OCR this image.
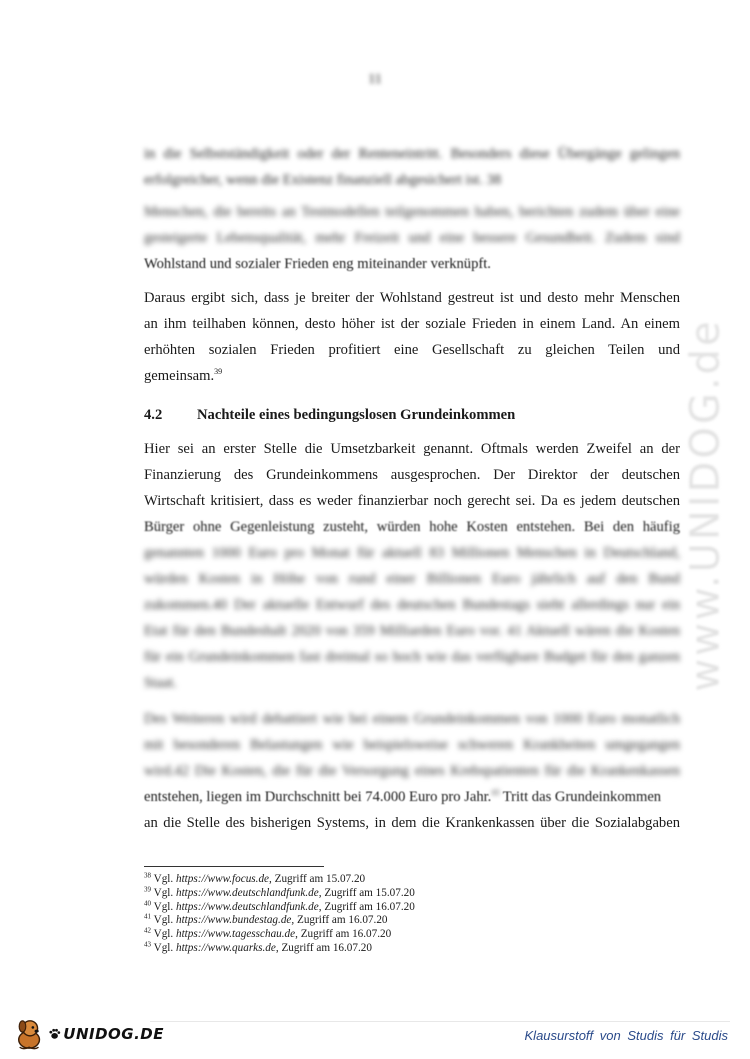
11
in die Selbstständigkeit oder der Renteneintritt. Besonders diese Übergänge gelingen
erfolgreicher, wenn die Existenz finanziell abgesichert ist. 38
Menschen, die bereits an Testmodellen teilgenommen haben, berichten zudem über eine
gesteigerte Lebensqualität, mehr Freizeit und eine bessere Gesundheit. Zudem sind
Wohlstand und sozialer Frieden eng miteinander verknüpft.
Daraus ergibt sich, dass je breiter der Wohlstand gestreut ist und desto mehr Menschen
an ihm teilhaben können, desto höher ist der soziale Frieden in einem Land. An einem
erhöhten sozialen Frieden profitiert eine Gesellschaft zu gleichen Teilen und
gemeinsam.$^{39}$
4.2 Nachteile eines bedingungslosen Grundeinkommen
Hier sei an erster Stelle die Umsetzbarkeit genannt. Oftmals werden Zweifel an der
Finanzierung des Grundeinkommens ausgesprochen. Der Direktor der deutschen
Wirtschaft kritisiert, dass es weder finanzierbar noch gerecht sei. Da es jedem deutschen
Bürger ohne Gegenleistung zusteht, würden hohe Kosten entstehen. Bei den häufig
genannten 1000 Euro pro Monat für aktuell 83 Millionen Menschen in Deutschland,
würden Kosten in Höhe von rund einer Billionen Euro jährlich auf den Bund
zukommen.40 Der aktuelle Entwurf des deutschen Bundestags sieht allerdings nur ein
Etat für den Bundeshalt 2020 von 359 Milliarden Euro vor. 41 Aktuell wären die Kosten
für ein Grundeinkommen fast dreimal so hoch wie das verfügbare Budget für den ganzen
Staat.
Des Weiteren wird debattiert wie bei einem Grundeinkommen von 1000 Euro monatlich
mit besonderen Belastungen wie beispielsweise schweren Krankheiten umgegangen
wird.42 Die Kosten, die für die Versorgung eines Krebspatienten für die Krankenkassen
entstehen, liegen im Durchschnitt bei 74.000 Euro pro Jahr.$^{43}$ Tritt das Grundeinkommen
an die Stelle des bisherigen Systems, in dem die Krankenkassen über die Sozialabgaben
$^{38}$ Vgl. https://www.focus.de, Zugriff am 15.07.20
$^{39}$ Vgl. https://www.deutschlandfunk.de, Zugriff am 15.07.20
$^{40}$ Vgl. https://www.deutschlandfunk.de, Zugriff am 16.07.20
$^{41}$ Vgl. https://www.bundestag.de, Zugriff am 16.07.20
$^{42}$ Vgl. https://www.tagesschau.de, Zugriff am 16.07.20
$^{43}$ Vgl. https://www.quarks.de, Zugriff am 16.07.20
www.UNIDOG.de
UNIDOG.DE	Klausurstoff von Studis für Studis
